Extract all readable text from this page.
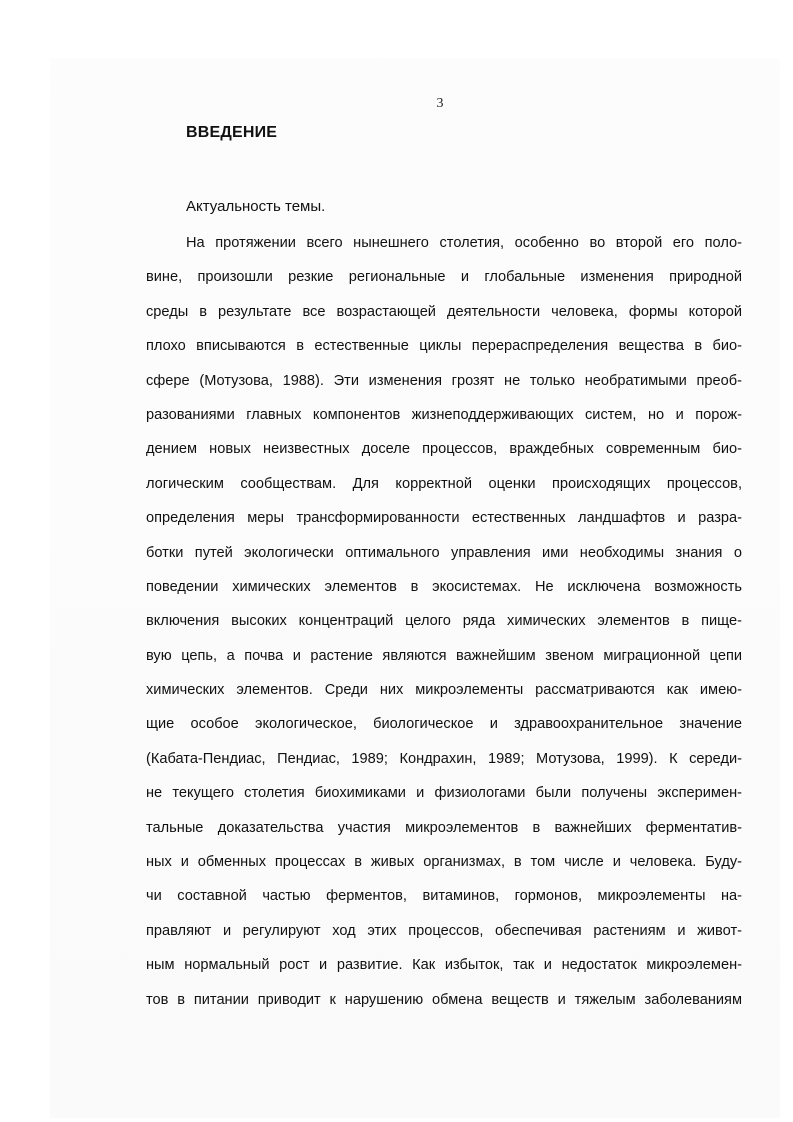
3
ВВЕДЕНИЕ
Актуальность темы.
На протяжении всего нынешнего столетия, особенно во второй его поло-
вине, произошли резкие региональные и глобальные изменения природной
среды в результате все возрастающей деятельности человека, формы которой
плохо вписываются в естественные циклы перераспределения вещества в био-
сфере (Мотузова, 1988). Эти изменения грозят не только необратимыми преоб-
разованиями главных компонентов жизнеподдерживающих систем, но и порож-
дением новых неизвестных доселе процессов, враждебных современным био-
логическим сообществам. Для корректной оценки происходящих процессов,
определения меры трансформированности естественных ландшафтов и разра-
ботки путей экологически оптимального управления ими необходимы знания о
поведении химических элементов в экосистемах. Не исключена возможность
включения высоких концентраций целого ряда химических элементов в пище-
вую цепь, а почва и растение являются важнейшим звеном миграционной цепи
химических элементов. Среди них микроэлементы рассматриваются как имею-
щие особое экологическое, биологическое и здравоохранительное значение
(Кабата-Пендиас, Пендиас, 1989; Кондрахин, 1989; Мотузова, 1999). К середи-
не текущего столетия биохимиками и физиологами были получены эксперимен-
тальные доказательства участия микроэлементов в важнейших ферментатив-
ных и обменных процессах в живых организмах, в том числе и человека. Буду-
чи составной частью ферментов, витаминов, гормонов, микроэлементы на-
правляют и регулируют ход этих процессов, обеспечивая растениям и живот-
ным нормальный рост и развитие. Как избыток, так и недостаток микроэлемен-
тов в питании приводит к нарушению обмена веществ и тяжелым заболеваниям
